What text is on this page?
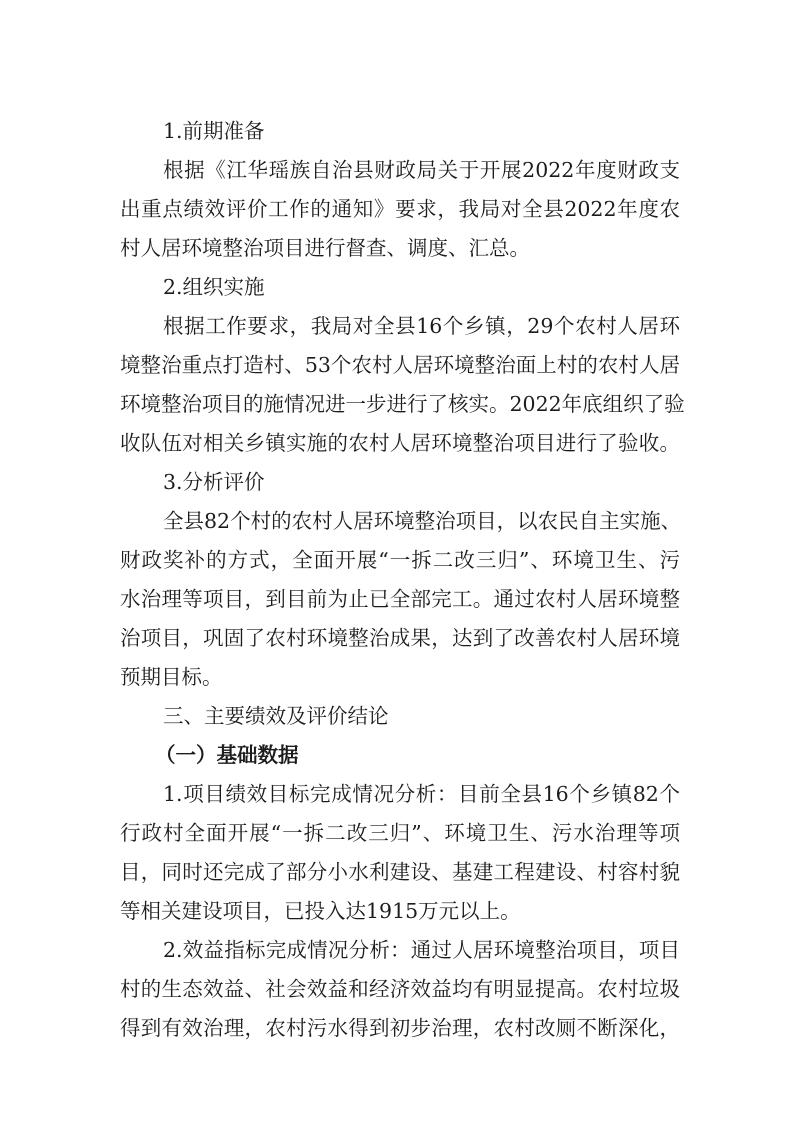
1.前期准备
根据《江华瑶族自治县财政局关于开展2022年度财政支
出重点绩效评价工作的通知》要求，我局对全县2022年度农
村人居环境整治项目进行督查、调度、汇总。
2.组织实施
根据工作要求，我局对全县16个乡镇，29个农村人居环
境整治重点打造村、53个农村人居环境整治面上村的农村人居
环境整治项目的施情况进一步进行了核实。2022年底组织了验
收队伍对相关乡镇实施的农村人居环境整治项目进行了验收。
3.分析评价
全县82个村的农村人居环境整治项目，以农民自主实施、
财政奖补的方式，全面开展“一拆二改三归”、环境卫生、污
水治理等项目，到目前为止已全部完工。通过农村人居环境整
治项目，巩固了农村环境整治成果，达到了改善农村人居环境
预期目标。
三、主要绩效及评价结论
（一）基础数据
1.项目绩效目标完成情况分析：目前全县16个乡镇82个
行政村全面开展“一拆二改三归”、环境卫生、污水治理等项
目，同时还完成了部分小水利建设、基建工程建设、村容村貌
等相关建设项目，已投入达1915万元以上。
2.效益指标完成情况分析：通过人居环境整治项目，项目
村的生态效益、社会效益和经济效益均有明显提高。农村垃圾
得到有效治理，农村污水得到初步治理，农村改厕不断深化，
